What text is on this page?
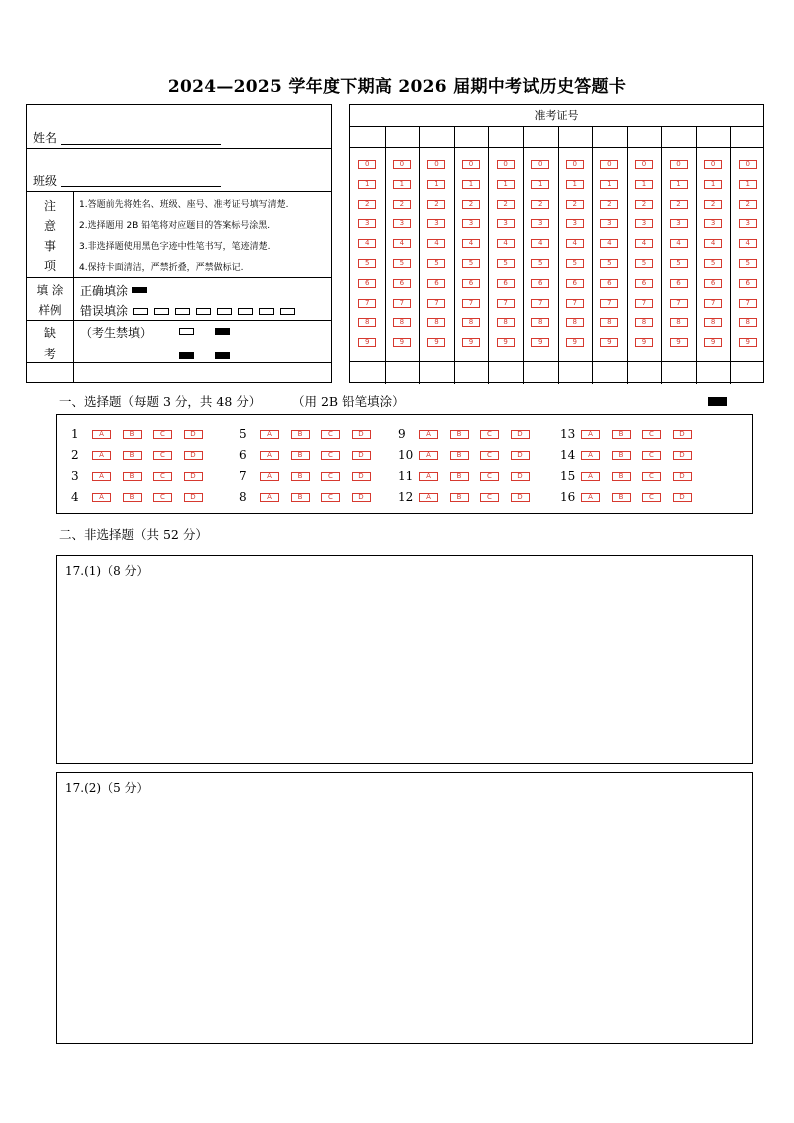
2024—2025 学年度下期高 2026 届期中考试历史答题卡
姓名
班级
注
意
事
项
1.答题前先将姓名、班级、座号、准考证号填写清楚.
2.选择题用 2B 铅笔将对应题目的答案标号涂黑.
3.非选择题使用黑色字迹中性笔书写，笔迹清楚.
4.保持卡面清洁，严禁折叠，严禁做标记.
填 涂
样例
正确填涂
错误填涂
缺
考
（考生禁填）
准考证号
0	0	0	0	0	0	0	0	0	0	0	0
1	1	1	1	1	1	1	1	1	1	1	1
2	2	2	2	2	2	2	2	2	2	2	2
3	3	3	3	3	3	3	3	3	3	3	3
4	4	4	4	4	4	4	4	4	4	4	4
5	5	5	5	5	5	5	5	5	5	5	5
6	6	6	6	6	6	6	6	6	6	6	6
7	7	7	7	7	7	7	7	7	7	7	7
8	8	8	8	8	8	8	8	8	8	8	8
9	9	9	9	9	9	9	9	9	9	9	9
一、选择题（每题 3 分，共 48 分） （用 2B 铅笔填涂）
1	A	B	C	D
2	A	B	C	D
3	A	B	C	D
4	A	B	C	D
5	A	B	C	D
6	A	B	C	D
7	A	B	C	D
8	A	B	C	D
9	A	B	C	D
10	A	B	C	D
11	A	B	C	D
12	A	B	C	D
13	A	B	C	D
14	A	B	C	D
15	A	B	C	D
16	A	B	C	D
二、非选择题（共 52 分）
17.(1)（8 分）
17.(2)（5 分）
